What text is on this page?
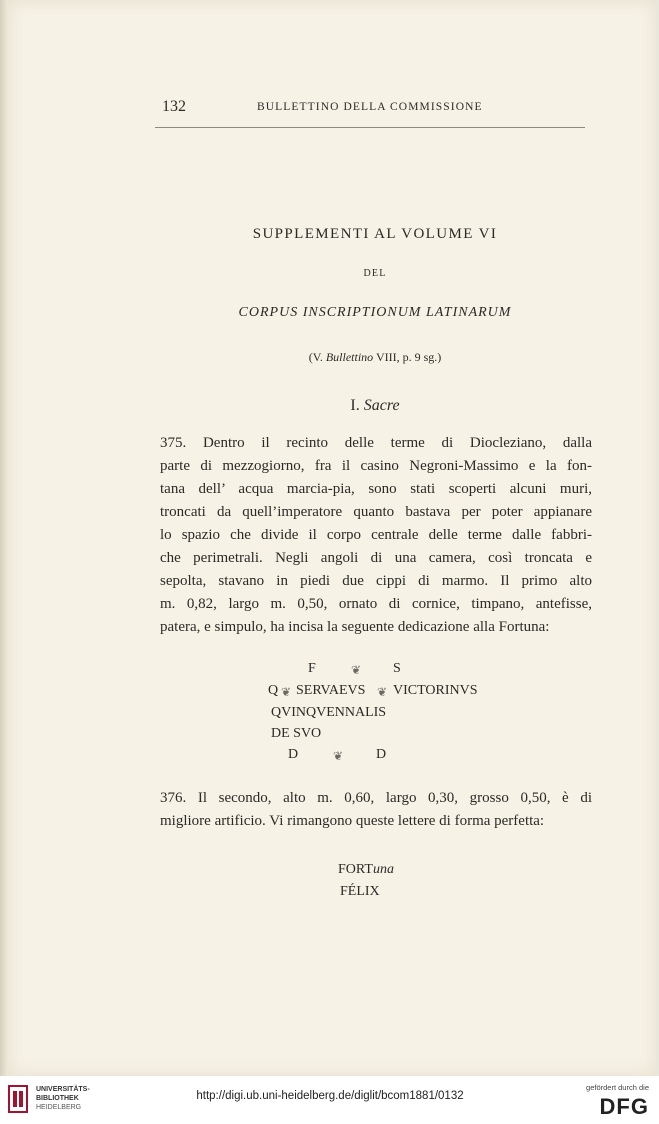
132	BULLETTINO DELLA COMMISSIONE
SUPPLEMENTI AL VOLUME VI
DEL
CORPUS INSCRIPTIONUM LATINARUM
(V. Bullettino VIII, p. 9 sg.)
I. Sacre
375. Dentro il recinto delle terme di Diocleziano, dalla
parte di mezzogiorno, fra il casino Negroni-Massimo e la fon-
tana dell’ acqua marcia-pia, sono stati scoperti alcuni muri,
troncati da quell’imperatore quanto bastava per poter appianare
lo spazio che divide il corpo centrale delle terme dalle fabbri-
che perimetrali. Negli angoli di una camera, così troncata e
sepolta, stavano in piedi due cippi di marmo. Il primo alto
m. 0,82, largo m. 0,50, ornato di cornice, timpano, antefisse,
patera, e simpulo, ha incisa la seguente dedicazione alla Fortuna:
F	❦ S
Q ❦ SERVAEVS ❦ VICTORINVS
QVINQVENNALIS
DE SVO
D	❦ D
376. Il secondo, alto m. 0,60, largo 0,30, grosso 0,50, è di
migliore artificio. Vi rimangono queste lettere di forma perfetta:
FORTuna
FÉLIX
UNIVERSITÄTS-
BIBLIOTHEK
HEIDELBERG
http://digi.ub.uni-heidelberg.de/diglit/bcom1881/0132
gefördert durch die
DFG
